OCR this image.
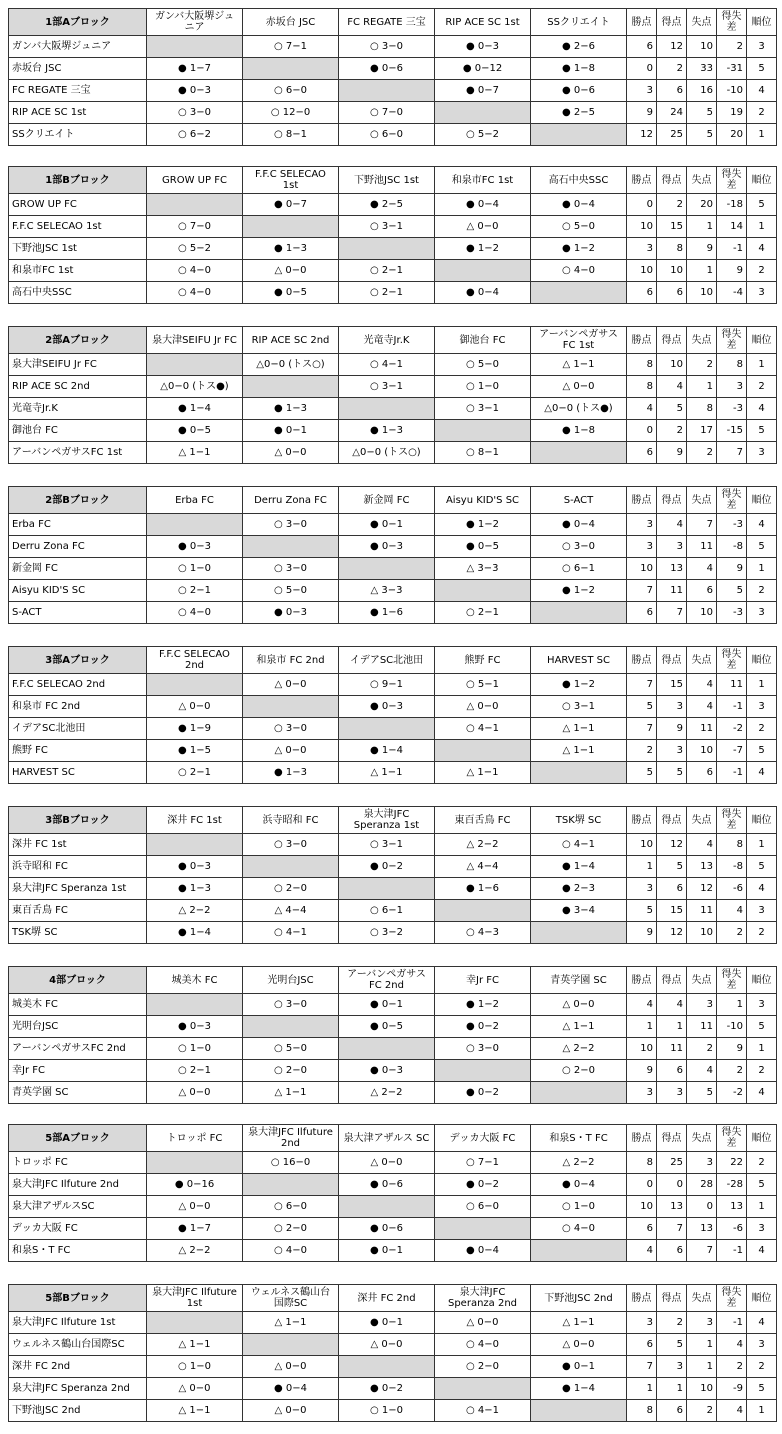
1部Aブロック	ガンバ大阪堺ジュニア	赤坂台 JSC	FC REGATE 三宝	RIP ACE SC 1st	SSクリエイト	勝点	得点	失点	得失差	順位
ガンバ大阪堺ジュニア		○ 7−1	○ 3−0	● 0−3	● 2−6	6	12	10	2	3
赤坂台 JSC	● 1−7		● 0−6	● 0−12	● 1−8	0	2	33	-31	5
FC REGATE 三宝	● 0−3	○ 6−0		● 0−7	● 0−6	3	6	16	-10	4
RIP ACE SC 1st	○ 3−0	○ 12−0	○ 7−0		● 2−5	9	24	5	19	2
SSクリエイト	○ 6−2	○ 8−1	○ 6−0	○ 5−2		12	25	5	20	1
1部Bブロック	GROW UP FC	F.F.C SELECAO 1st	下野池JSC 1st	和泉市FC 1st	高石中央SSC	勝点	得点	失点	得失差	順位
GROW UP FC		● 0−7	● 2−5	● 0−4	● 0−4	0	2	20	-18	5
F.F.C SELECAO 1st	○ 7−0		○ 3−1	△ 0−0	○ 5−0	10	15	1	14	1
下野池JSC 1st	○ 5−2	● 1−3		● 1−2	● 1−2	3	8	9	-1	4
和泉市FC 1st	○ 4−0	△ 0−0	○ 2−1		○ 4−0	10	10	1	9	2
高石中央SSC	○ 4−0	● 0−5	○ 2−1	● 0−4		6	6	10	-4	3
2部Aブロック	泉大津SEIFU Jr FC	RIP ACE SC 2nd	光竜寺Jr.K	御池台 FC	アーバンペガサス FC 1st	勝点	得点	失点	得失差	順位
泉大津SEIFU Jr FC		△0−0 (トス○)	○ 4−1	○ 5−0	△ 1−1	8	10	2	8	1
RIP ACE SC 2nd	△0−0 (トス●)		○ 3−1	○ 1−0	△ 0−0	8	4	1	3	2
光竜寺Jr.K	● 1−4	● 1−3		○ 3−1	△0−0 (トス●)	4	5	8	-3	4
御池台 FC	● 0−5	● 0−1	● 1−3		● 1−8	0	2	17	-15	5
アーバンペガサスFC 1st	△ 1−1	△ 0−0	△0−0 (トス○)	○ 8−1		6	9	2	7	3
2部Bブロック	Erba FC	Derru Zona FC	新金岡 FC	Aisyu KID'S SC	S-ACT	勝点	得点	失点	得失差	順位
Erba FC		○ 3−0	● 0−1	● 1−2	● 0−4	3	4	7	-3	4
Derru Zona FC	● 0−3		● 0−3	● 0−5	○ 3−0	3	3	11	-8	5
新金岡 FC	○ 1−0	○ 3−0		△ 3−3	○ 6−1	10	13	4	9	1
Aisyu KID'S SC	○ 2−1	○ 5−0	△ 3−3		● 1−2	7	11	6	5	2
S-ACT	○ 4−0	● 0−3	● 1−6	○ 2−1		6	7	10	-3	3
3部Aブロック	F.F.C SELECAO 2nd	和泉市 FC 2nd	イデアSC北池田	熊野 FC	HARVEST SC	勝点	得点	失点	得失差	順位
F.F.C SELECAO 2nd		△ 0−0	○ 9−1	○ 5−1	● 1−2	7	15	4	11	1
和泉市 FC 2nd	△ 0−0		● 0−3	△ 0−0	○ 3−1	5	3	4	-1	3
イデアSC北池田	● 1−9	○ 3−0		○ 4−1	△ 1−1	7	9	11	-2	2
熊野 FC	● 1−5	△ 0−0	● 1−4		△ 1−1	2	3	10	-7	5
HARVEST SC	○ 2−1	● 1−3	△ 1−1	△ 1−1		5	5	6	-1	4
3部Bブロック	深井 FC 1st	浜寺昭和 FC	泉大津JFC Speranza 1st	東百舌鳥 FC	TSK堺 SC	勝点	得点	失点	得失差	順位
深井 FC 1st		○ 3−0	○ 3−1	△ 2−2	○ 4−1	10	12	4	8	1
浜寺昭和 FC	● 0−3		● 0−2	△ 4−4	● 1−4	1	5	13	-8	5
泉大津JFC Speranza 1st	● 1−3	○ 2−0		● 1−6	● 2−3	3	6	12	-6	4
東百舌鳥 FC	△ 2−2	△ 4−4	○ 6−1		● 3−4	5	15	11	4	3
TSK堺 SC	● 1−4	○ 4−1	○ 3−2	○ 4−3		9	12	10	2	2
4部ブロック	城美木 FC	光明台JSC	アーバンペガサス FC 2nd	幸Jr FC	青英学園 SC	勝点	得点	失点	得失差	順位
城美木 FC		○ 3−0	● 0−1	● 1−2	△ 0−0	4	4	3	1	3
光明台JSC	● 0−3		● 0−5	● 0−2	△ 1−1	1	1	11	-10	5
アーバンペガサスFC 2nd	○ 1−0	○ 5−0		○ 3−0	△ 2−2	10	11	2	9	1
幸Jr FC	○ 2−1	○ 2−0	● 0−3		○ 2−0	9	6	4	2	2
青英学園 SC	△ 0−0	△ 1−1	△ 2−2	● 0−2		3	3	5	-2	4
5部Aブロック	トロッポ FC	泉大津JFC Ilfuture 2nd	泉大津アザルス SC	デッカ大阪 FC	和泉S・T FC	勝点	得点	失点	得失差	順位
トロッポ FC		○ 16−0	△ 0−0	○ 7−1	△ 2−2	8	25	3	22	2
泉大津JFC Ilfuture 2nd	● 0−16		● 0−6	● 0−2	● 0−4	0	0	28	-28	5
泉大津アザルスSC	△ 0−0	○ 6−0		○ 6−0	○ 1−0	10	13	0	13	1
デッカ大阪 FC	● 1−7	○ 2−0	● 0−6		○ 4−0	6	7	13	-6	3
和泉S・T FC	△ 2−2	○ 4−0	● 0−1	● 0−4		4	6	7	-1	4
5部Bブロック	泉大津JFC Ilfuture 1st	ウェルネス鶴山台 国際SC	深井 FC 2nd	泉大津JFC Speranza 2nd	下野池JSC 2nd	勝点	得点	失点	得失差	順位
泉大津JFC Ilfuture 1st		△ 1−1	● 0−1	△ 0−0	△ 1−1	3	2	3	-1	4
ウェルネス鶴山台国際SC	△ 1−1		△ 0−0	○ 4−0	△ 0−0	6	5	1	4	3
深井 FC 2nd	○ 1−0	△ 0−0		○ 2−0	● 0−1	7	3	1	2	2
泉大津JFC Speranza 2nd	△ 0−0	● 0−4	● 0−2		● 1−4	1	1	10	-9	5
下野池JSC 2nd	△ 1−1	△ 0−0	○ 1−0	○ 4−1		8	6	2	4	1
